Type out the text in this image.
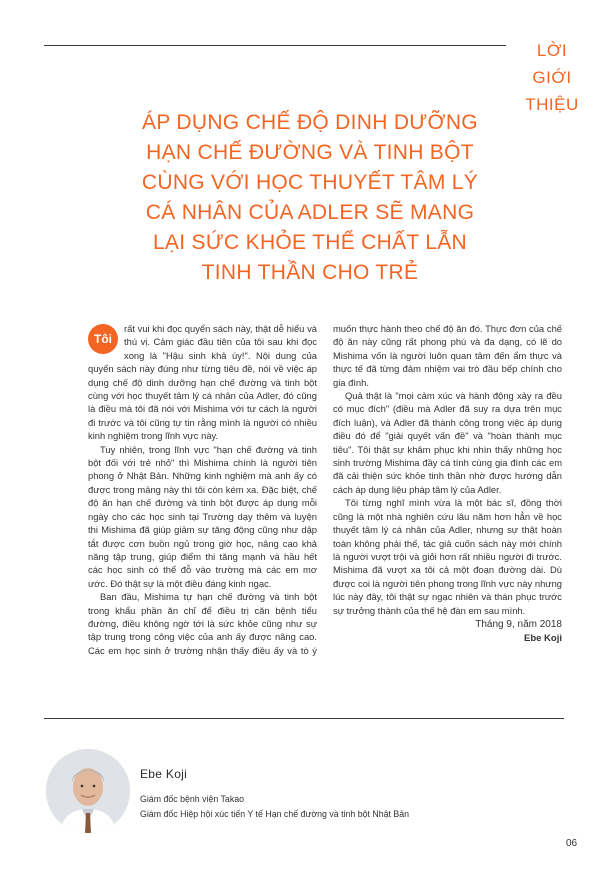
LỜI
GIỚI
THIỆU
ÁP DỤNG CHẾ ĐỘ DINH DƯỠNG
HẠN CHẾ ĐƯỜNG VÀ TINH BỘT
CÙNG VỚI HỌC THUYẾT TÂM LÝ
CÁ NHÂN CỦA ADLER SẼ MANG
LẠI SỨC KHỎE THỂ CHẤT LẪN
TINH THẦN CHO TRẺ

Tôi
rất vui khi đọc quyển sách này, thật dễ hiểu và thú vị. Cảm giác đầu tiên của tôi sau khi đọc xong là "Hậu sinh khả úy!". Nội dung của quyển sách này đúng như từng tiêu đề, nói về việc áp dụng chế độ dinh dưỡng hạn chế đường và tinh bột cùng với học thuyết tâm lý cá nhân của Adler, đó cũng là điều mà tôi đã nói với Mishima với tư cách là người đi trước và tôi cũng tự tin rằng mình là người có nhiều kinh nghiệm trong lĩnh vực này.

Tuy nhiên, trong lĩnh vực "hạn chế đường và tinh bột đối với trẻ nhỏ" thì Mishima chính là người tiên phong ở Nhật Bản. Những kinh nghiệm mà anh ấy có được trong mảng này thì tôi còn kém xa. Đặc biệt, chế độ ăn hạn chế đường và tinh bột được áp dụng mỗi ngày cho các học sinh tại Trường dạy thêm và luyện thi Mishima đã giúp giảm sự tăng động cũng như dập tắt được cơn buồn ngủ trong giờ học, nâng cao khả năng tập trung, giúp điểm thi tăng mạnh và hầu hết các học sinh có thể đỗ vào trường mà các em mơ ước. Đó thật sự là một điều đáng kinh ngạc.

Ban đầu, Mishima tự hạn chế đường và tinh bột trong khẩu phần ăn chỉ để điều trị căn bệnh tiểu đường, điều không ngờ tới là sức khỏe cũng như sự tập trung trong công việc của anh ấy được nâng cao. Các em học sinh ở trường nhận thấy điều ấy và tò ý muốn thực hành theo chế độ ăn đó. Thực đơn của chế độ ăn này cũng rất phong phú và đa dạng, có lẽ do Mishima vốn là người luôn quan tâm đến ẩm thực và thực tế đã từng đảm nhiệm vai trò đầu bếp chính cho gia đình.

Quả thật là "mọi cảm xúc và hành động xảy ra đều có mục đích" (điều mà Adler đã suy ra dựa trên mục đích luận), và Adler đã thành công trong việc áp dụng điều đó để "giải quyết vấn đề" và "hoàn thành mục tiêu". Tôi thật sự khâm phục khi nhìn thấy những học sinh trường Mishima đầy cá tính cùng gia đình các em đã cải thiện sức khỏe tinh thần nhờ được hướng dẫn cách áp dụng liệu pháp tâm lý của Adler.

Tôi từng nghĩ mình vừa là một bác sĩ, đồng thời cũng là một nhà nghiên cứu lâu năm hơn hẳn về học thuyết tâm lý cá nhân của Adler, nhưng sự thật hoàn toàn không phải thế, tác giả cuốn sách này mới chính là người vượt trội và giỏi hơn rất nhiều người đi trước. Mishima đã vượt xa tôi cả một đoạn đường dài. Dù được coi là người tiên phong trong lĩnh vực này nhưng lúc này đây, tôi thật sự ngạc nhiên và thán phục trước sự trưởng thành của thế hệ đàn em sau mình.

Tháng 9, năm 2018
Ebe Koji

Ebe Koji
Giám đốc bệnh viện Takao
Giám đốc Hiệp hội xúc tiến Y tế Hạn chế đường và tinh bột Nhật Bản
06
